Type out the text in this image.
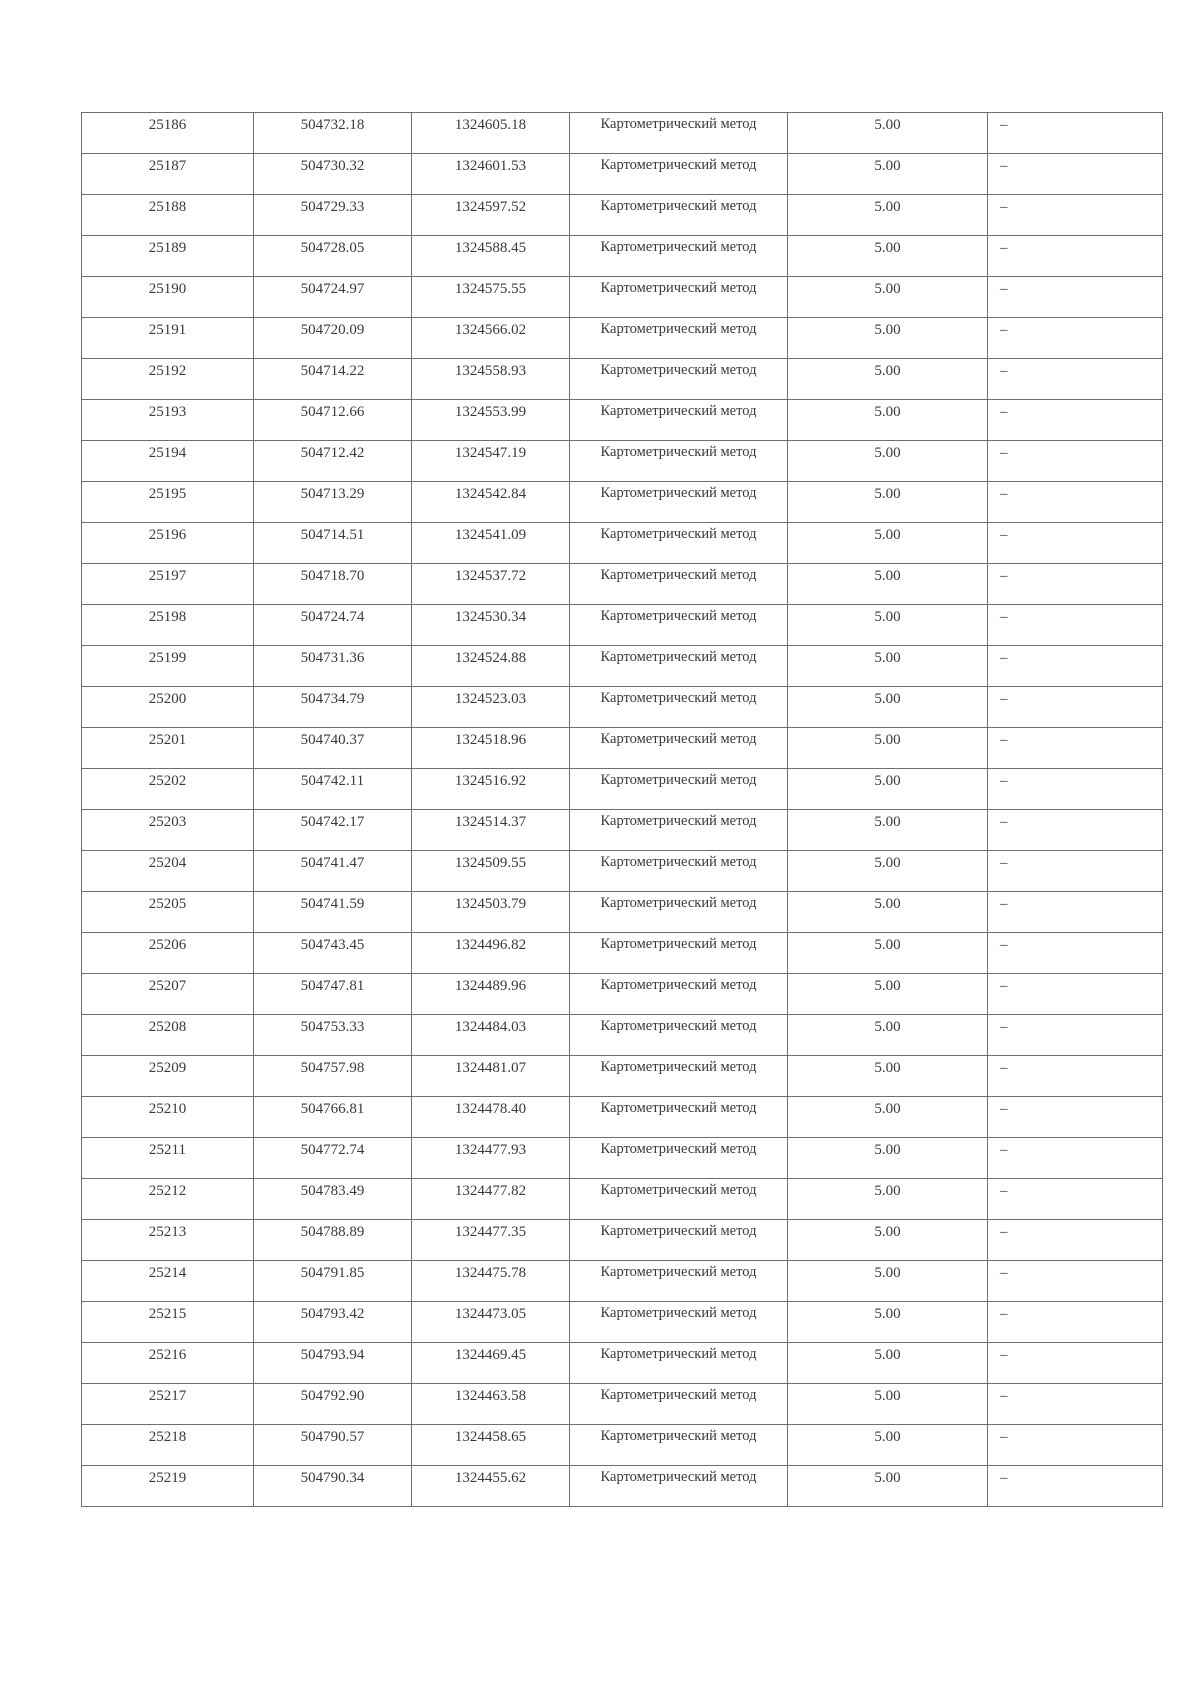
25186	504732.18	1324605.18	Картометрический метод	5.00	–

25187	504730.32	1324601.53	Картометрический метод	5.00	–

25188	504729.33	1324597.52	Картометрический метод	5.00	–

25189	504728.05	1324588.45	Картометрический метод	5.00	–

25190	504724.97	1324575.55	Картометрический метод	5.00	–

25191	504720.09	1324566.02	Картометрический метод	5.00	–

25192	504714.22	1324558.93	Картометрический метод	5.00	–

25193	504712.66	1324553.99	Картометрический метод	5.00	–

25194	504712.42	1324547.19	Картометрический метод	5.00	–

25195	504713.29	1324542.84	Картометрический метод	5.00	–

25196	504714.51	1324541.09	Картометрический метод	5.00	–

25197	504718.70	1324537.72	Картометрический метод	5.00	–

25198	504724.74	1324530.34	Картометрический метод	5.00	–

25199	504731.36	1324524.88	Картометрический метод	5.00	–

25200	504734.79	1324523.03	Картометрический метод	5.00	–

25201	504740.37	1324518.96	Картометрический метод	5.00	–

25202	504742.11	1324516.92	Картометрический метод	5.00	–

25203	504742.17	1324514.37	Картометрический метод	5.00	–

25204	504741.47	1324509.55	Картометрический метод	5.00	–

25205	504741.59	1324503.79	Картометрический метод	5.00	–

25206	504743.45	1324496.82	Картометрический метод	5.00	–

25207	504747.81	1324489.96	Картометрический метод	5.00	–

25208	504753.33	1324484.03	Картометрический метод	5.00	–

25209	504757.98	1324481.07	Картометрический метод	5.00	–

25210	504766.81	1324478.40	Картометрический метод	5.00	–

25211	504772.74	1324477.93	Картометрический метод	5.00	–

25212	504783.49	1324477.82	Картометрический метод	5.00	–

25213	504788.89	1324477.35	Картометрический метод	5.00	–

25214	504791.85	1324475.78	Картометрический метод	5.00	–

25215	504793.42	1324473.05	Картометрический метод	5.00	–

25216	504793.94	1324469.45	Картометрический метод	5.00	–

25217	504792.90	1324463.58	Картометрический метод	5.00	–

25218	504790.57	1324458.65	Картометрический метод	5.00	–

25219	504790.34	1324455.62	Картометрический метод	5.00	–
